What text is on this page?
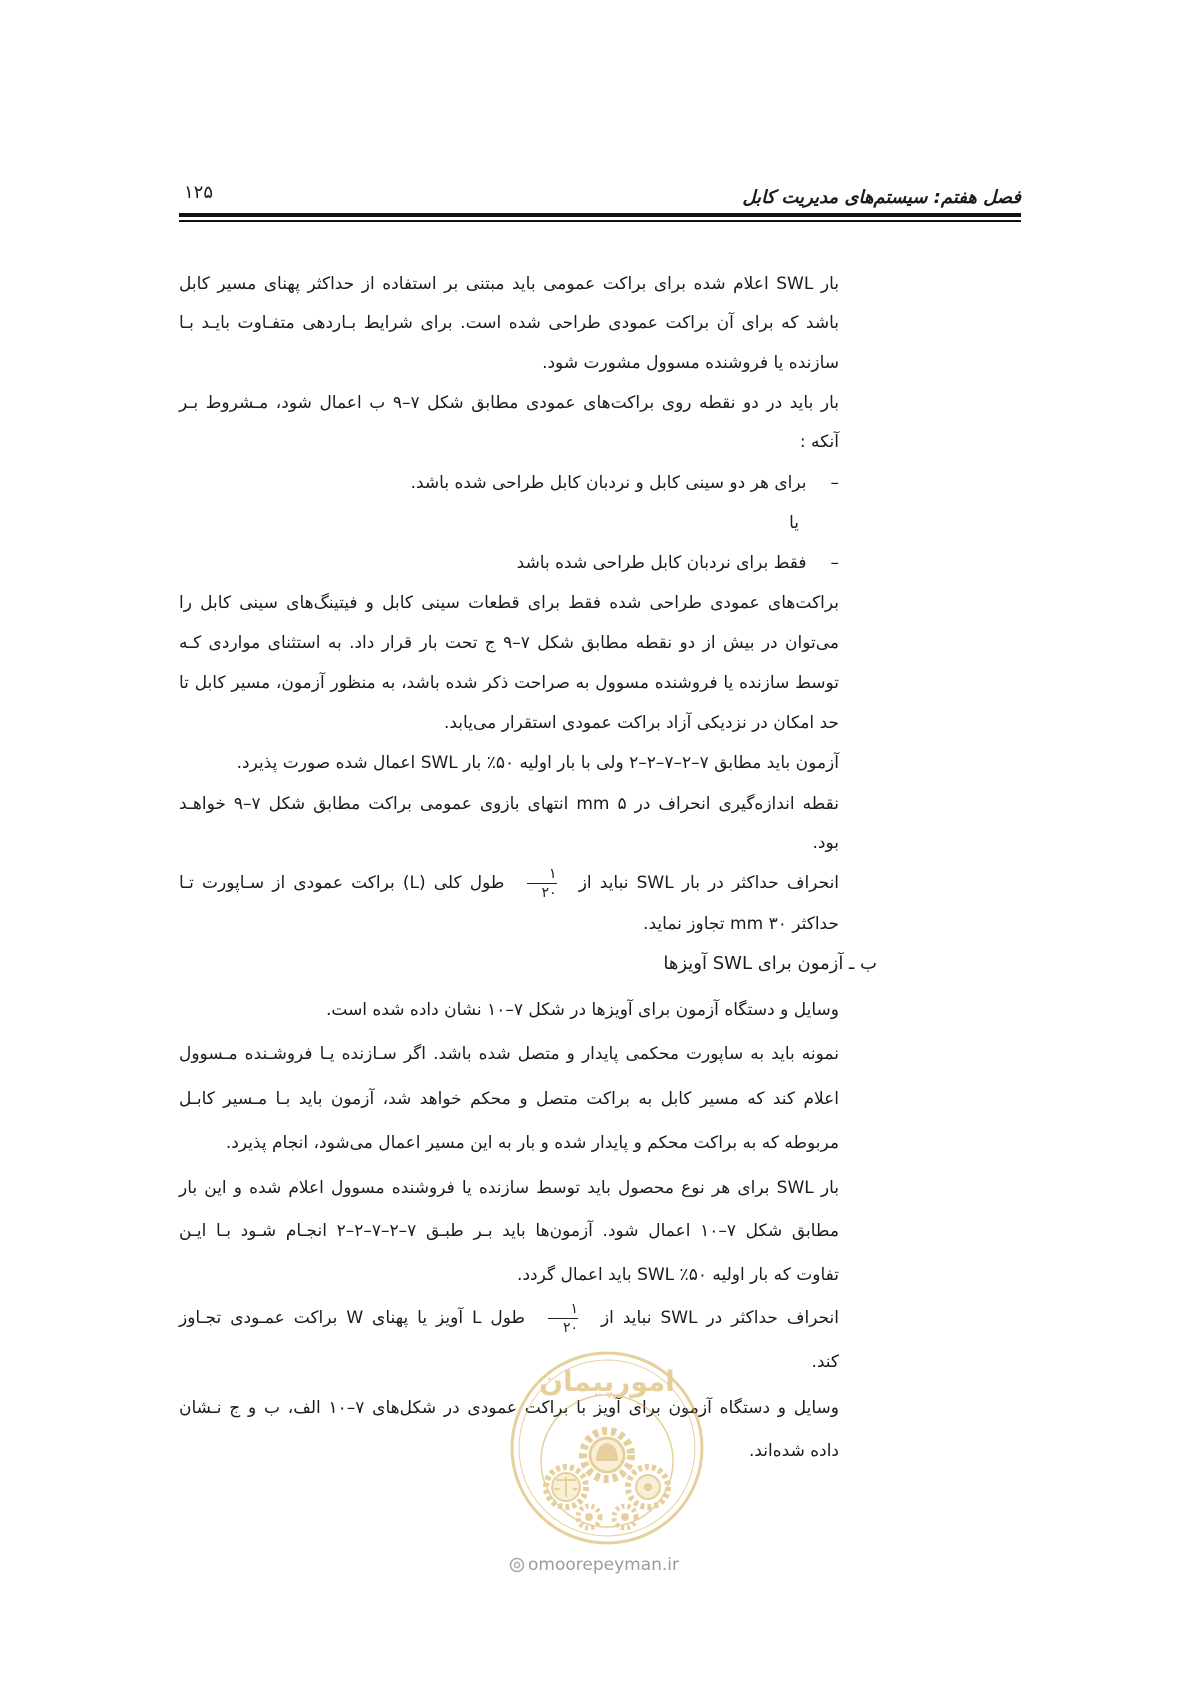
۱۲۵	فصل هفتم: سیستم‌های مدیریت کابل
بار SWL اعلام شده برای براکت عمومی باید مبتنی بر استفاده از حداکثر پهنای مسیر کابل
باشد که برای آن براکت عمودی طراحی شده است. برای شرایط بـاردهی متفـاوت بایـد بـا
سازنده یا فروشنده مسوول مشورت شود.
بار باید در دو نقطه روی براکت‌های عمودی مطابق شکل ۷–۹ ب اعمال شود، مـشروط بـر
آنکه :
–برای هر دو سینی کابل و نردبان کابل طراحی شده باشد.
یا
–فقط برای نردبان کابل طراحی شده باشد
براکت‌های عمودی طراحی شده فقط برای قطعات سینی کابل و فیتینگ‌های سینی کابل را
می‌توان در بیش از دو نقطه مطابق شکل ۷–۹ ج تحت بار قرار داد. به استثنای مواردی کـه
توسط سازنده یا فروشنده مسوول به صراحت ذکر شده باشد، به منظور آزمون، مسیر کابل تا
حد امکان در نزدیکی آزاد براکت عمودی استقرار می‌یابد.
آزمون باید مطابق ۷–۲–۷–۲–۲ ولی با بار اولیه ۵۰٪ بار SWL اعمال شده صورت پذیرد.
نقطه اندازه‌گیری انحراف در ۵ mm انتهای بازوی عمومی براکت مطابق شکل ۷–۹ خواهـد
بود.
انحراف حداکثر در بار SWL نباید از
$\frac{۱}{۲۰}$
طول کلی (L) براکت عمودی از سـاپورت تـا
حداکثر ۳۰ mm تجاوز نماید.
ب ـ آزمون برای SWL آویزها
وسایل و دستگاه آزمون برای آویزها در شکل ۷–۱۰ نشان داده شده است.
نمونه باید به ساپورت محکمی پایدار و متصل شده باشد. اگر سـازنده یـا فروشـنده مـسوول
اعلام کند که مسیر کابل به براکت متصل و محکم خواهد شد، آزمون باید بـا مـسیر کابـل
مربوطه که به براکت محکم و پایدار شده و بار به این مسیر اعمال می‌شود، انجام پذیرد.
بار SWL برای هر نوع محصول باید توسط سازنده یا فروشنده مسوول اعلام شده و این بار
مطابق شکل ۷–۱۰ اعمال شود. آزمون‌ها باید بـر طبـق ۷–۲–۷–۲–۲ انجـام شـود بـا ایـن
تفاوت که بار اولیه ۵۰٪ SWL باید اعمال گردد.
انحراف حداکثر در SWL نباید از
$\frac{۱}{۲۰}$
طول L آویز یا پهنای W براکت عمـودی تجـاوز
کند.
وسایل و دستگاه آزمون برای آویز با براکت عمودی در شکل‌های ۷–۱۰ الف، ب و ج نـشان
داده شده‌اند.
امورپیمان
omoorepeyman.ir
